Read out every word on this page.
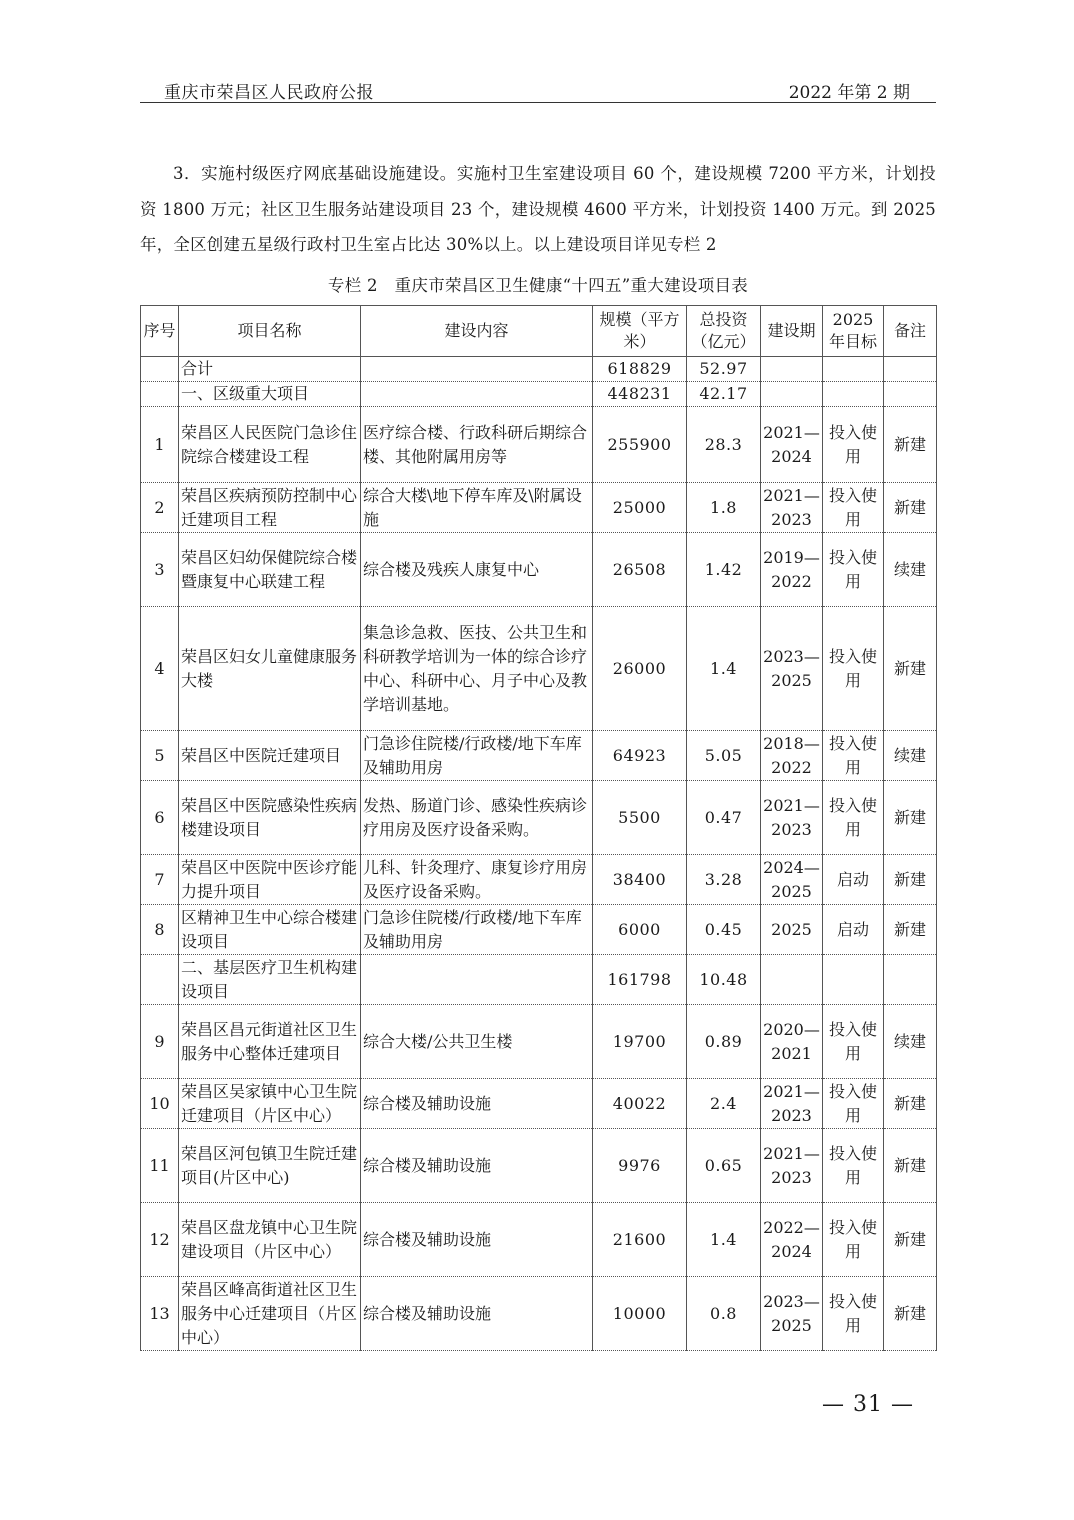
重庆市荣昌区人民政府公报	2022 年第 2 期

3．实施村级医疗网底基础设施建设。实施村卫生室建设项目 60 个，建设规模 7200 平方米，计划投资 1800 万元；社区卫生服务站建设项目 23 个，建设规模 4600 平方米，计划投资 1400 万元。到 2025 年，全区创建五星级行政村卫生室占比达 30%以上。以上建设项目详见专栏 2

专栏 2　重庆市荣昌区卫生健康“十四五”重大建设项目表
序号	项目名称	建设内容	规模（平方米）	总投资（亿元）	建设期	2025 年目标	备注
	合计		618829	52.97			
	一、区级重大项目		448231	42.17			
1	荣昌区人民医院门急诊住院综合楼建设工程	医疗综合楼、行政科研后期综合楼、其他附属用房等	255900	28.3	2021—2024	投入使用	新建
2	荣昌区疾病预防控制中心迁建项目工程	综合大楼\地下停车库及\附属设施	25000	1.8	2021—2023	投入使用	新建
3	荣昌区妇幼保健院综合楼暨康复中心联建工程	综合楼及残疾人康复中心	26508	1.42	2019—2022	投入使用	续建
4	荣昌区妇女儿童健康服务大楼	集急诊急救、医技、公共卫生和科研教学培训为一体的综合诊疗中心、科研中心、月子中心及教学培训基地。	26000	1.4	2023—2025	投入使用	新建
5	荣昌区中医院迁建项目	门急诊住院楼/行政楼/地下车库及辅助用房	64923	5.05	2018—2022	投入使用	续建
6	荣昌区中医院感染性疾病楼建设项目	发热、肠道门诊、感染性疾病诊疗用房及医疗设备采购。	5500	0.47	2021—2023	投入使用	新建
7	荣昌区中医院中医诊疗能力提升项目	儿科、针灸理疗、康复诊疗用房及医疗设备采购。	38400	3.28	2024—2025	启动	新建
8	区精神卫生中心综合楼建设项目	门急诊住院楼/行政楼/地下车库及辅助用房	6000	0.45	2025	启动	新建
	二、基层医疗卫生机构建设项目		161798	10.48			
9	荣昌区昌元街道社区卫生服务中心整体迁建项目	综合大楼/公共卫生楼	19700	0.89	2020—2021	投入使用	续建
10	荣昌区吴家镇中心卫生院迁建项目（片区中心）	综合楼及辅助设施	40022	2.4	2021—2023	投入使用	新建
11	荣昌区河包镇卫生院迁建项目(片区中心)	综合楼及辅助设施	9976	0.65	2021—2023	投入使用	新建
12	荣昌区盘龙镇中心卫生院建设项目（片区中心）	综合楼及辅助设施	21600	1.4	2022—2024	投入使用	新建
13	荣昌区峰高街道社区卫生服务中心迁建项目（片区中心）	综合楼及辅助设施	10000	0.8	2023—2025	投入使用	新建
— 31 —
